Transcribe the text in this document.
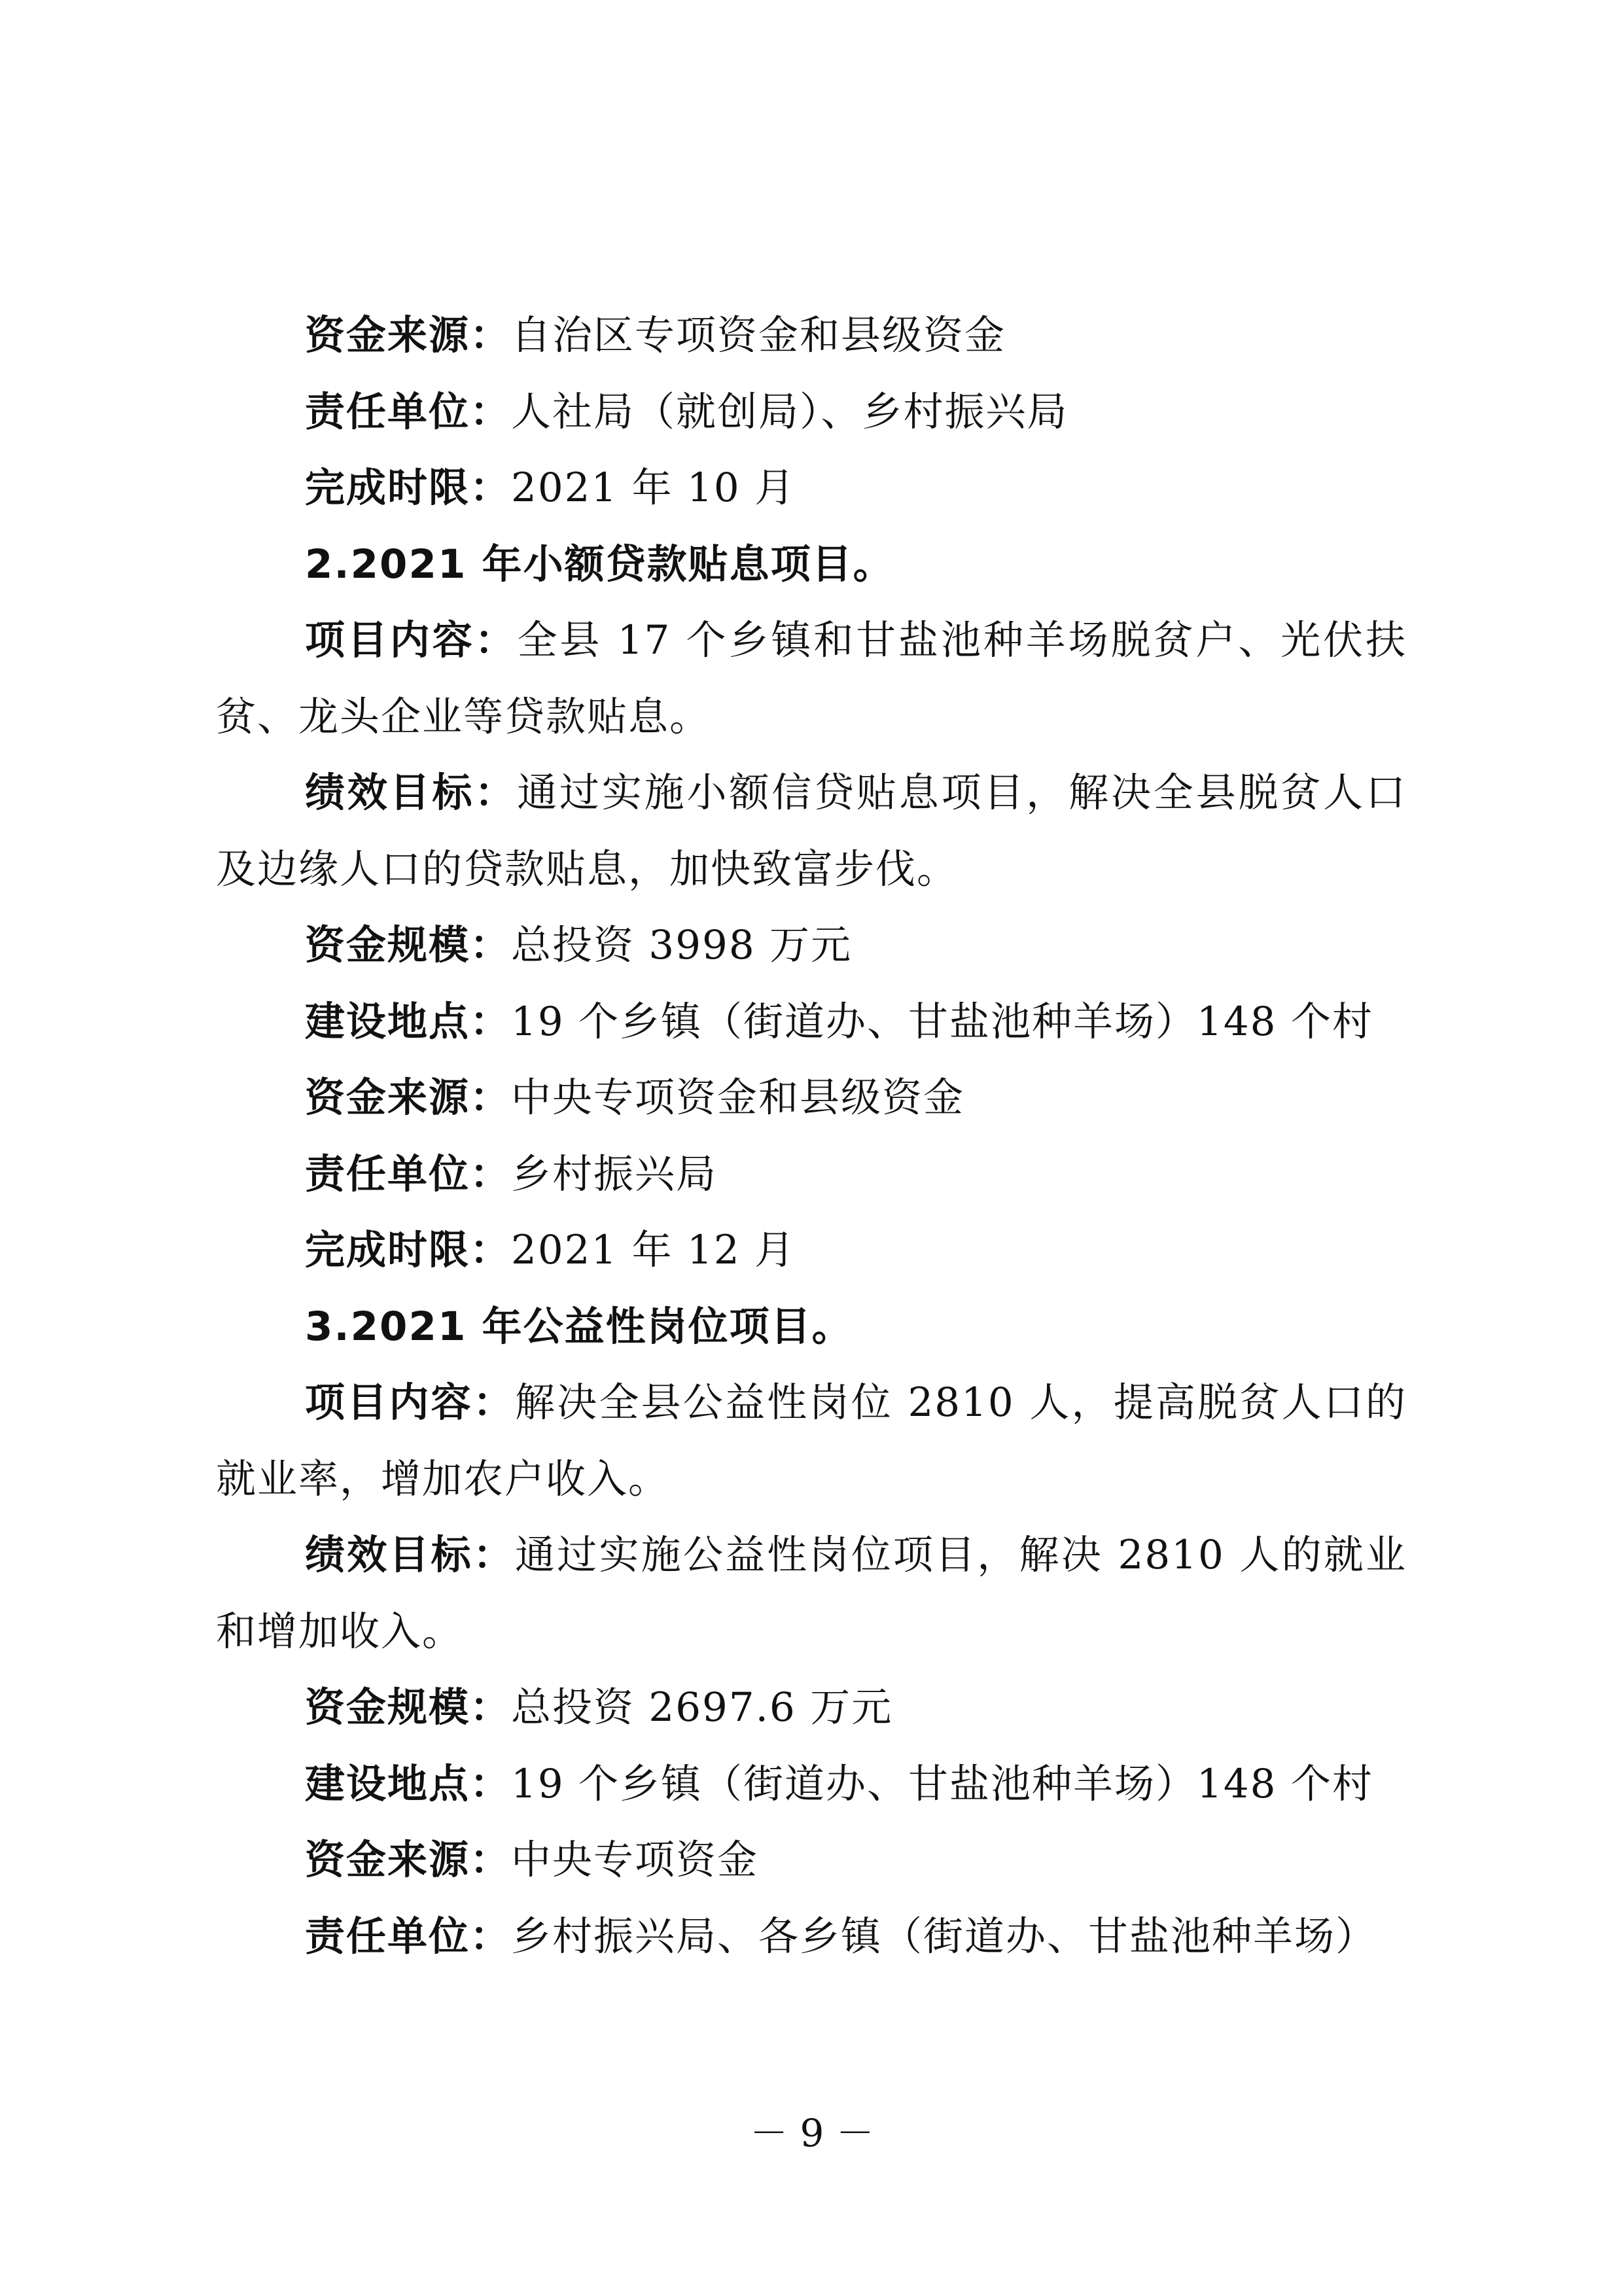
资金来源：自治区专项资金和县级资金
责任单位：人社局（就创局）、乡村振兴局
完成时限：2021 年 10 月
2.2021 年小额贷款贴息项目。
项目内容：全县 17 个乡镇和甘盐池种羊场脱贫户、光伏扶
贫、龙头企业等贷款贴息。
绩效目标：通过实施小额信贷贴息项目，解决全县脱贫人口
及边缘人口的贷款贴息，加快致富步伐。
资金规模：总投资 3998 万元
建设地点：19 个乡镇（街道办、甘盐池种羊场）148 个村
资金来源：中央专项资金和县级资金
责任单位：乡村振兴局
完成时限：2021 年 12 月
3.2021 年公益性岗位项目。
项目内容：解决全县公益性岗位 2810 人，提高脱贫人口的
就业率，增加农户收入。
绩效目标：通过实施公益性岗位项目，解决 2810 人的就业
和增加收入。
资金规模：总投资 2697.6 万元
建设地点：19 个乡镇（街道办、甘盐池种羊场）148 个村
资金来源：中央专项资金
责任单位：乡村振兴局、各乡镇（街道办、甘盐池种羊场）
－ 9 －
